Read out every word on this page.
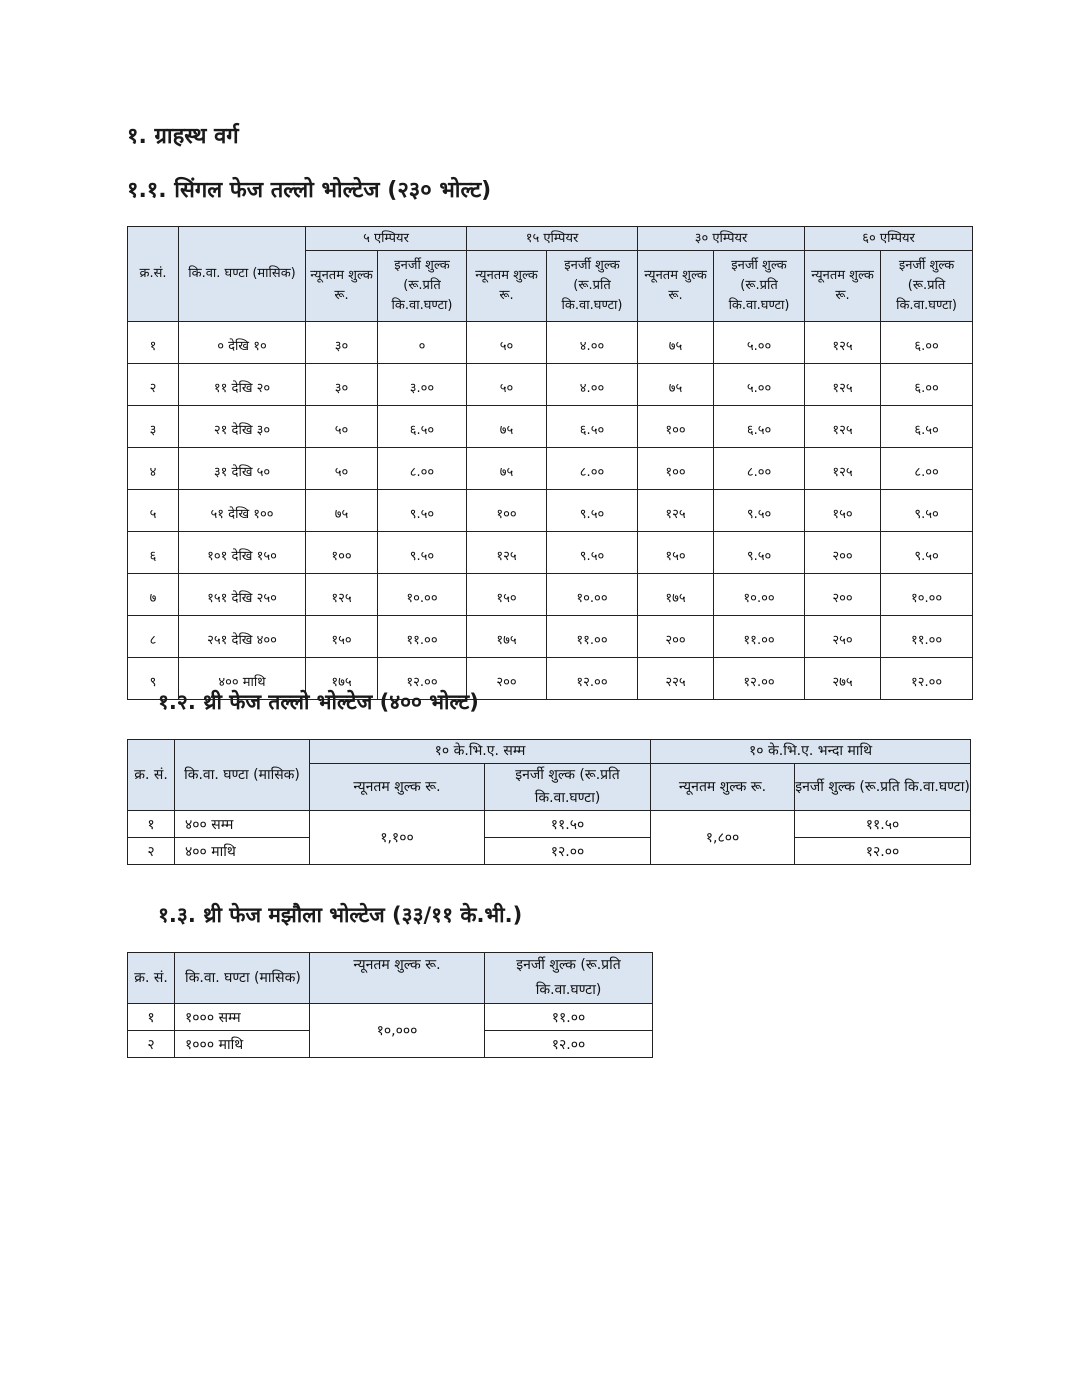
१. ग्राहस्थ वर्ग
१.१. सिंगल फेज तल्लो भोल्टेज (२३० भोल्ट)
क्र.सं.	कि.वा. घण्टा (मासिक)	५ एम्पियर		१५ एम्पियर		३० एम्पियर		६० एम्पियर	
		न्यूनतम शुल्क रू.	इनर्जी शुल्क (रू.प्रति कि.वा.घण्टा)	न्यूनतम शुल्क रू.	इनर्जी शुल्क (रू.प्रति कि.वा.घण्टा)	न्यूनतम शुल्क रू.	इनर्जी शुल्क (रू.प्रति कि.वा.घण्टा)	न्यूनतम शुल्क रू.	इनर्जी शुल्क (रू.प्रति कि.वा.घण्टा)
१	० देखि १०	३०	०	५०	४.००	७५	५.००	१२५	६.००
२	११ देखि २०	३०	३.००	५०	४.००	७५	५.००	१२५	६.००
३	२१ देखि ३०	५०	६.५०	७५	६.५०	१००	६.५०	१२५	६.५०
४	३१ देखि ५०	५०	८.००	७५	८.००	१००	८.००	१२५	८.००
५	५१ देखि १००	७५	९.५०	१००	९.५०	१२५	९.५०	१५०	९.५०
६	१०१ देखि १५०	१००	९.५०	१२५	९.५०	१५०	९.५०	२००	९.५०
७	१५१ देखि २५०	१२५	१०.००	१५०	१०.००	१७५	१०.००	२००	१०.००
८	२५१ देखि ४००	१५०	११.००	१७५	११.००	२००	११.००	२५०	११.००
९	४०० माथि	१७५	१२.००	२००	१२.००	२२५	१२.००	२७५	१२.००
१.२. थ्री फेज तल्लो भोल्टेज (४०० भोल्ट)
क्र. सं.	कि.वा. घण्टा (मासिक)	१० के.भि.ए. सम्म		१० के.भि.ए. भन्दा माथि	
		न्यूनतम शुल्क रू.	इनर्जी शुल्क (रू.प्रति कि.वा.घण्टा)	न्यूनतम शुल्क रू.	इनर्जी शुल्क (रू.प्रति कि.वा.घण्टा)
१	४०० सम्म	१,१००	११.५०	१,८००	११.५०
२	४०० माथि		१२.००		१२.००
१.३. थ्री फेज मझौला भोल्टेज (३३/११ के.भी.)
क्र. सं.	कि.वा. घण्टा (मासिक)	न्यूनतम शुल्क रू.	इनर्जी शुल्क (रू.प्रति कि.वा.घण्टा)
१	१००० सम्म	१०,०००	११.००
२	१००० माथि		१२.००
